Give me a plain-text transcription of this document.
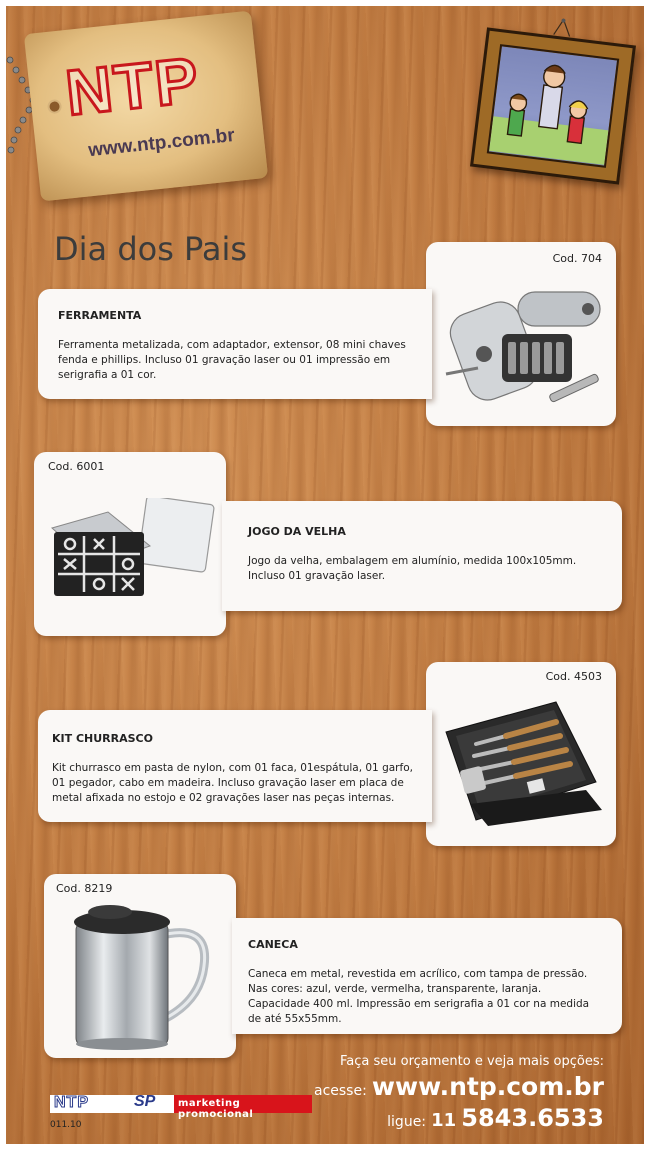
NTP
www.ntp.com.br
Dia dos Pais	Cod. 704
FERRAMENTA
Ferramenta metalizada, com adaptador, extensor, 08 mini chaves fenda e phillips. Incluso 01 gravação laser ou 01 impressão em serigrafia a 01 cor.
Cod. 6001
JOGO DA VELHA
Jogo da velha, embalagem em alumínio, medida 100x105mm. Incluso 01 gravação laser.
Cod. 4503
KIT CHURRASCO
Kit churrasco em pasta de nylon, com 01 faca, 01espátula, 01 garfo, 01 pegador, cabo em madeira. Incluso gravação laser em placa de metal afixada no estojo e 02 gravações laser nas peças internas.
Cod. 8219
CANECA
Caneca em metal, revestida em acrílico, com tampa de pressão. Nas cores: azul, verde, vermelha, transparente, laranja. Capacidade 400 ml. Impressão em serigrafia a 01 cor na medida de até 55x55mm.
Faça seu orçamento e veja mais opções:
acesse: www.ntp.com.br
ligue: 11 5843.6533
NTP	SP marketing promocional
011.10
